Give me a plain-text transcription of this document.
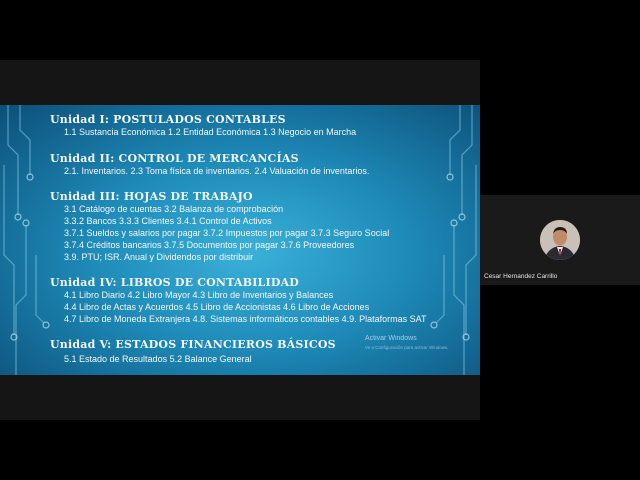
Unidad I: POSTULADOS CONTABLES
1.1 Sustancia Económica 1.2 Entidad Económica 1.3 Negocio en Marcha
Unidad II: CONTROL DE MERCANCÍAS
2.1. Inventarios. 2.3 Toma física de inventarios. 2.4 Valuación de inventarios.
Unidad III: HOJAS DE TRABAJO
3.1 Catálogo de cuentas 3.2 Balanza de comprobación
3.3.2 Bancos 3.3.3 Clientes 3.4.1 Control de Activos
3.7.1 Sueldos y salarios por pagar 3.7.2 Impuestos por pagar 3.7.3 Seguro Social
3.7.4 Créditos bancarios 3.7.5 Documentos por pagar 3.7.6 Proveedores
3.9. PTU; ISR. Anual y Dividendos por distribuir
Unidad IV: LIBROS DE CONTABILIDAD
4.1 Libro Diario 4.2 Libro Mayor 4.3 Libro de Inventarios y Balances
4.4 Libro de Actas y Acuerdos 4.5 Libro de Accionistas 4.6 Libro de Acciones
4.7 Libro de Moneda Extranjera 4.8. Sistemas informáticos contables 4.9. Plataformas SAT
Unidad V: ESTADOS FINANCIEROS BÁSICOS
5.1 Estado de Resultados 5.2 Balance General
Activar Windows
Ve a Configuración para activar Windows.
Cesar Hernandez Carrillo
